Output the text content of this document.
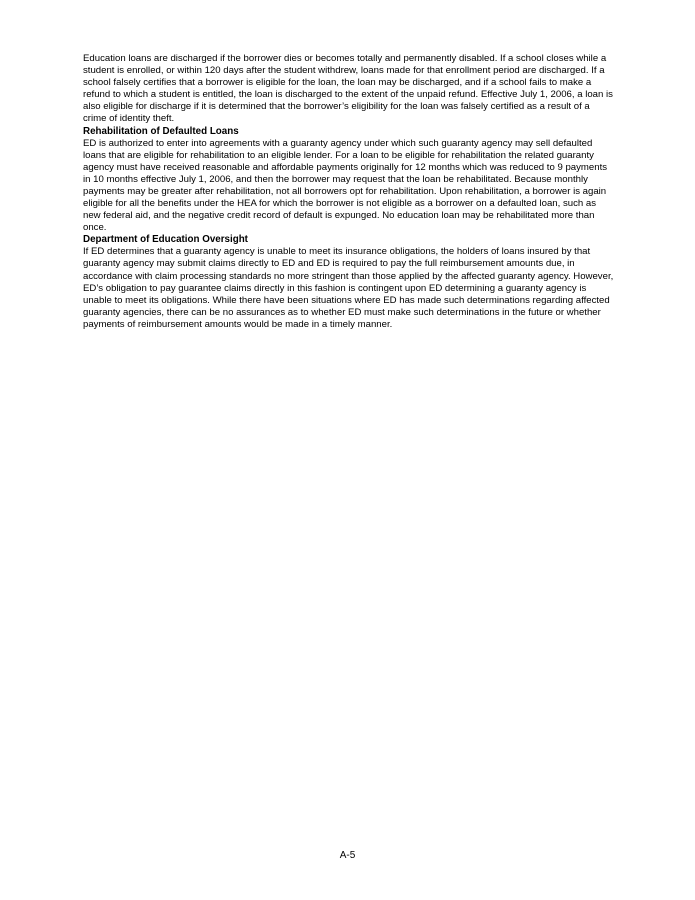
Education loans are discharged if the borrower dies or becomes totally and permanently disabled. If a school closes while a student is enrolled, or within 120 days after the student withdrew, loans made for that enrollment period are discharged. If a school falsely certifies that a borrower is eligible for the loan, the loan may be discharged, and if a school fails to make a refund to which a student is entitled, the loan is discharged to the extent of the unpaid refund. Effective July 1, 2006, a loan is also eligible for discharge if it is determined that the borrower’s eligibility for the loan was falsely certified as a result of a crime of identity theft.

Rehabilitation of Defaulted Loans

ED is authorized to enter into agreements with a guaranty agency under which such guaranty agency may sell defaulted loans that are eligible for rehabilitation to an eligible lender. For a loan to be eligible for rehabilitation the related guaranty agency must have received reasonable and affordable payments originally for 12 months which was reduced to 9 payments in 10 months effective July 1, 2006, and then the borrower may request that the loan be rehabilitated. Because monthly payments may be greater after rehabilitation, not all borrowers opt for rehabilitation. Upon rehabilitation, a borrower is again eligible for all the benefits under the HEA for which the borrower is not eligible as a borrower on a defaulted loan, such as new federal aid, and the negative credit record of default is expunged. No education loan may be rehabilitated more than once.

Department of Education Oversight

If ED determines that a guaranty agency is unable to meet its insurance obligations, the holders of loans insured by that guaranty agency may submit claims directly to ED and ED is required to pay the full reimbursement amounts due, in accordance with claim processing standards no more stringent than those applied by the affected guaranty agency. However, ED’s obligation to pay guarantee claims directly in this fashion is contingent upon ED determining a guaranty agency is unable to meet its obligations. While there have been situations where ED has made such determinations regarding affected guaranty agencies, there can be no assurances as to whether ED must make such determinations in the future or whether payments of reimbursement amounts would be made in a timely manner.

A-5
